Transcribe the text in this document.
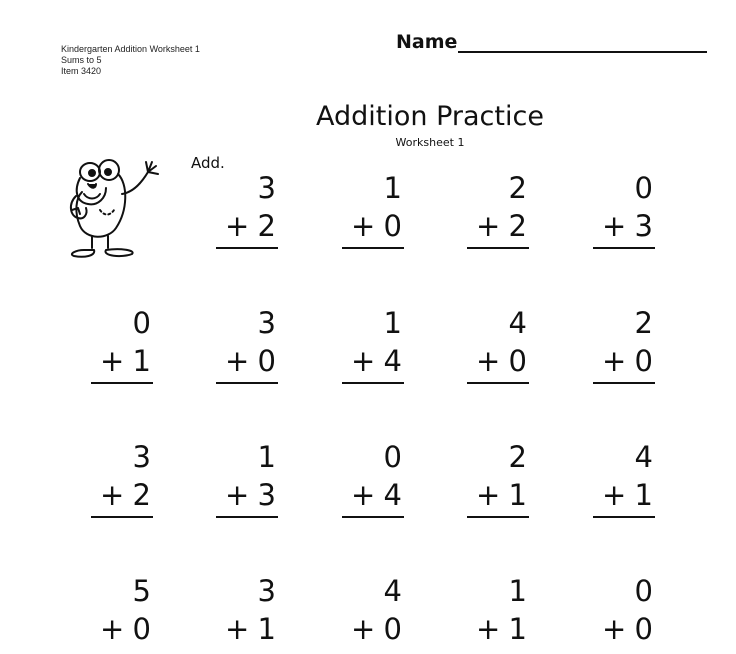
Kindergarten Addition Worksheet 1
Sums to 5
Item 3420
Name
Addition Practice
Worksheet 1
Add.
3
+ 2
1
+ 0
2
+ 2
0
+ 3
0
+ 1
3
+ 0
1
+ 4
4
+ 0
2
+ 0
3
+ 2
1
+ 3
0
+ 4
2
+ 1
4
+ 1
5
+ 0
3
+ 1
4
+ 0
1
+ 1
0
+ 0
